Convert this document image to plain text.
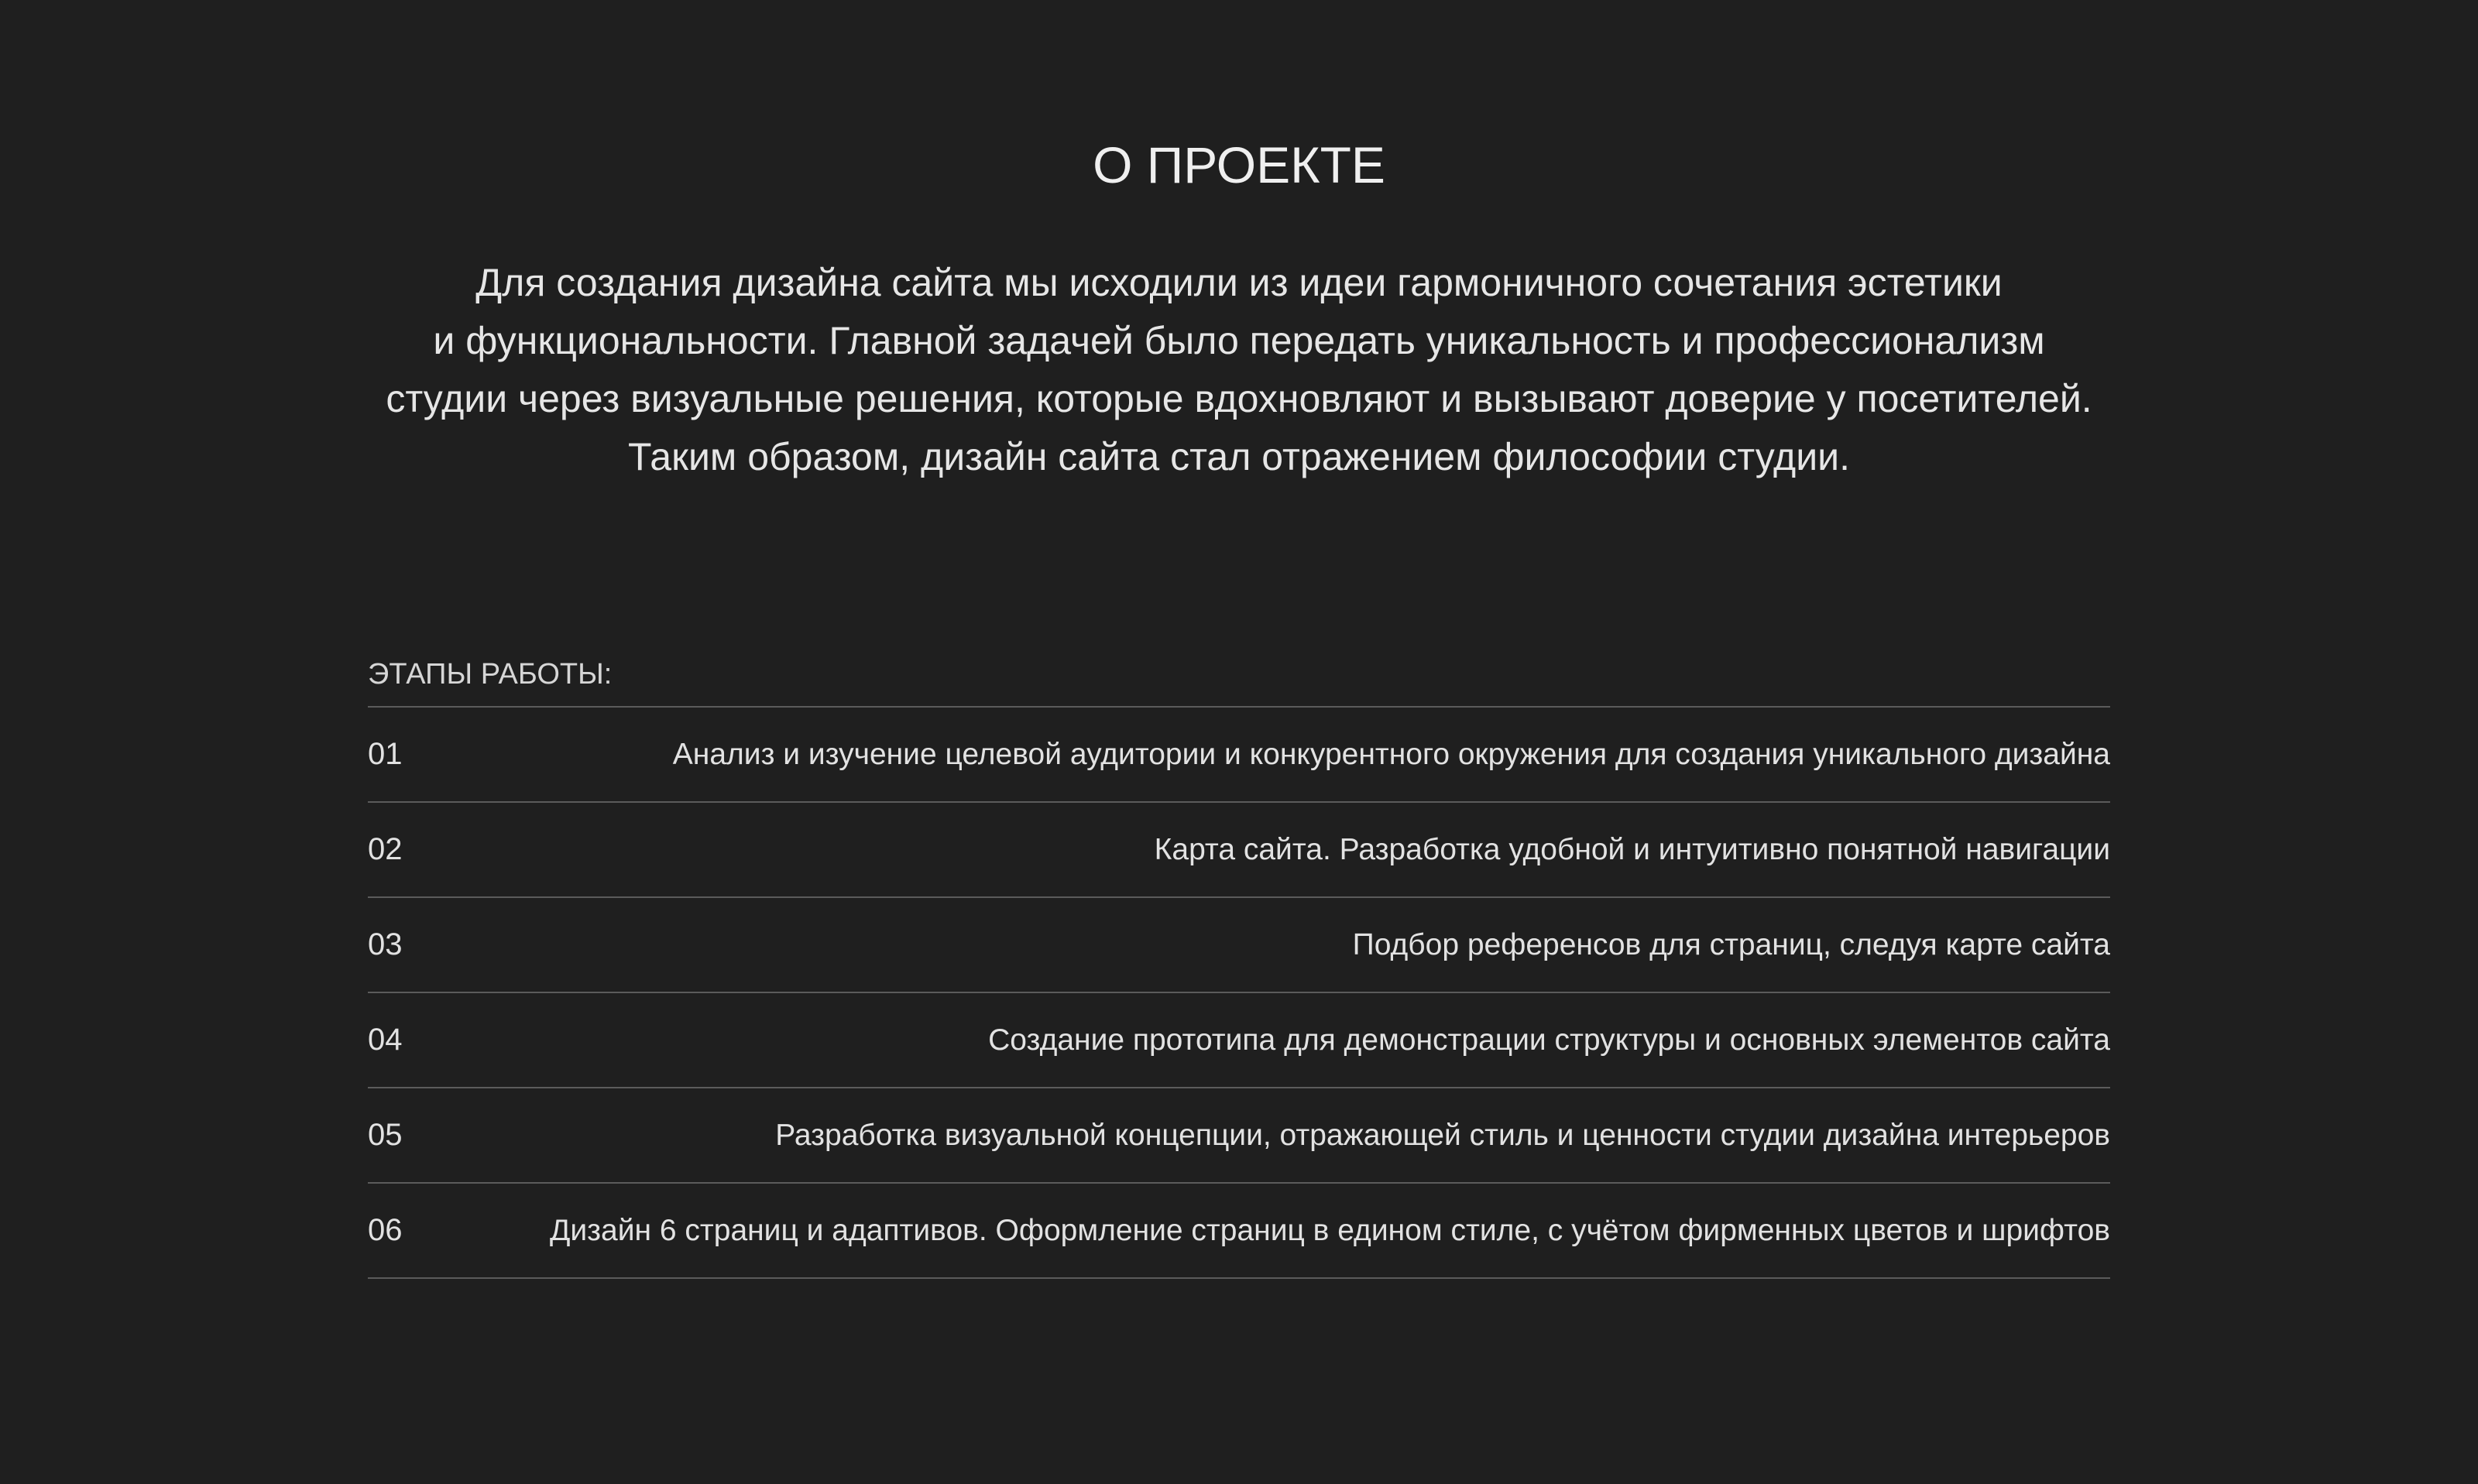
О ПРОЕКТЕ
Для создания дизайна сайта мы исходили из идеи гармоничного сочетания эстетики
и функциональности. Главной задачей было передать уникальность и профессионализм
студии через визуальные решения, которые вдохновляют и вызывают доверие у посетителей.
Таким образом, дизайн сайта стал отражением философии студии.
ЭТАПЫ РАБОТЫ:
01	Анализ и изучение целевой аудитории и конкурентного окружения для создания уникального дизайна
02	Карта сайта. Разработка удобной и интуитивно понятной навигации
03	Подбор референсов для страниц, следуя карте сайта
04	Создание прототипа для демонстрации структуры и основных элементов сайта
05	Разработка визуальной концепции, отражающей стиль и ценности студии дизайна интерьеров
06	Дизайн 6 страниц и адаптивов. Оформление страниц в едином стиле, с учётом фирменных цветов и шрифтов
